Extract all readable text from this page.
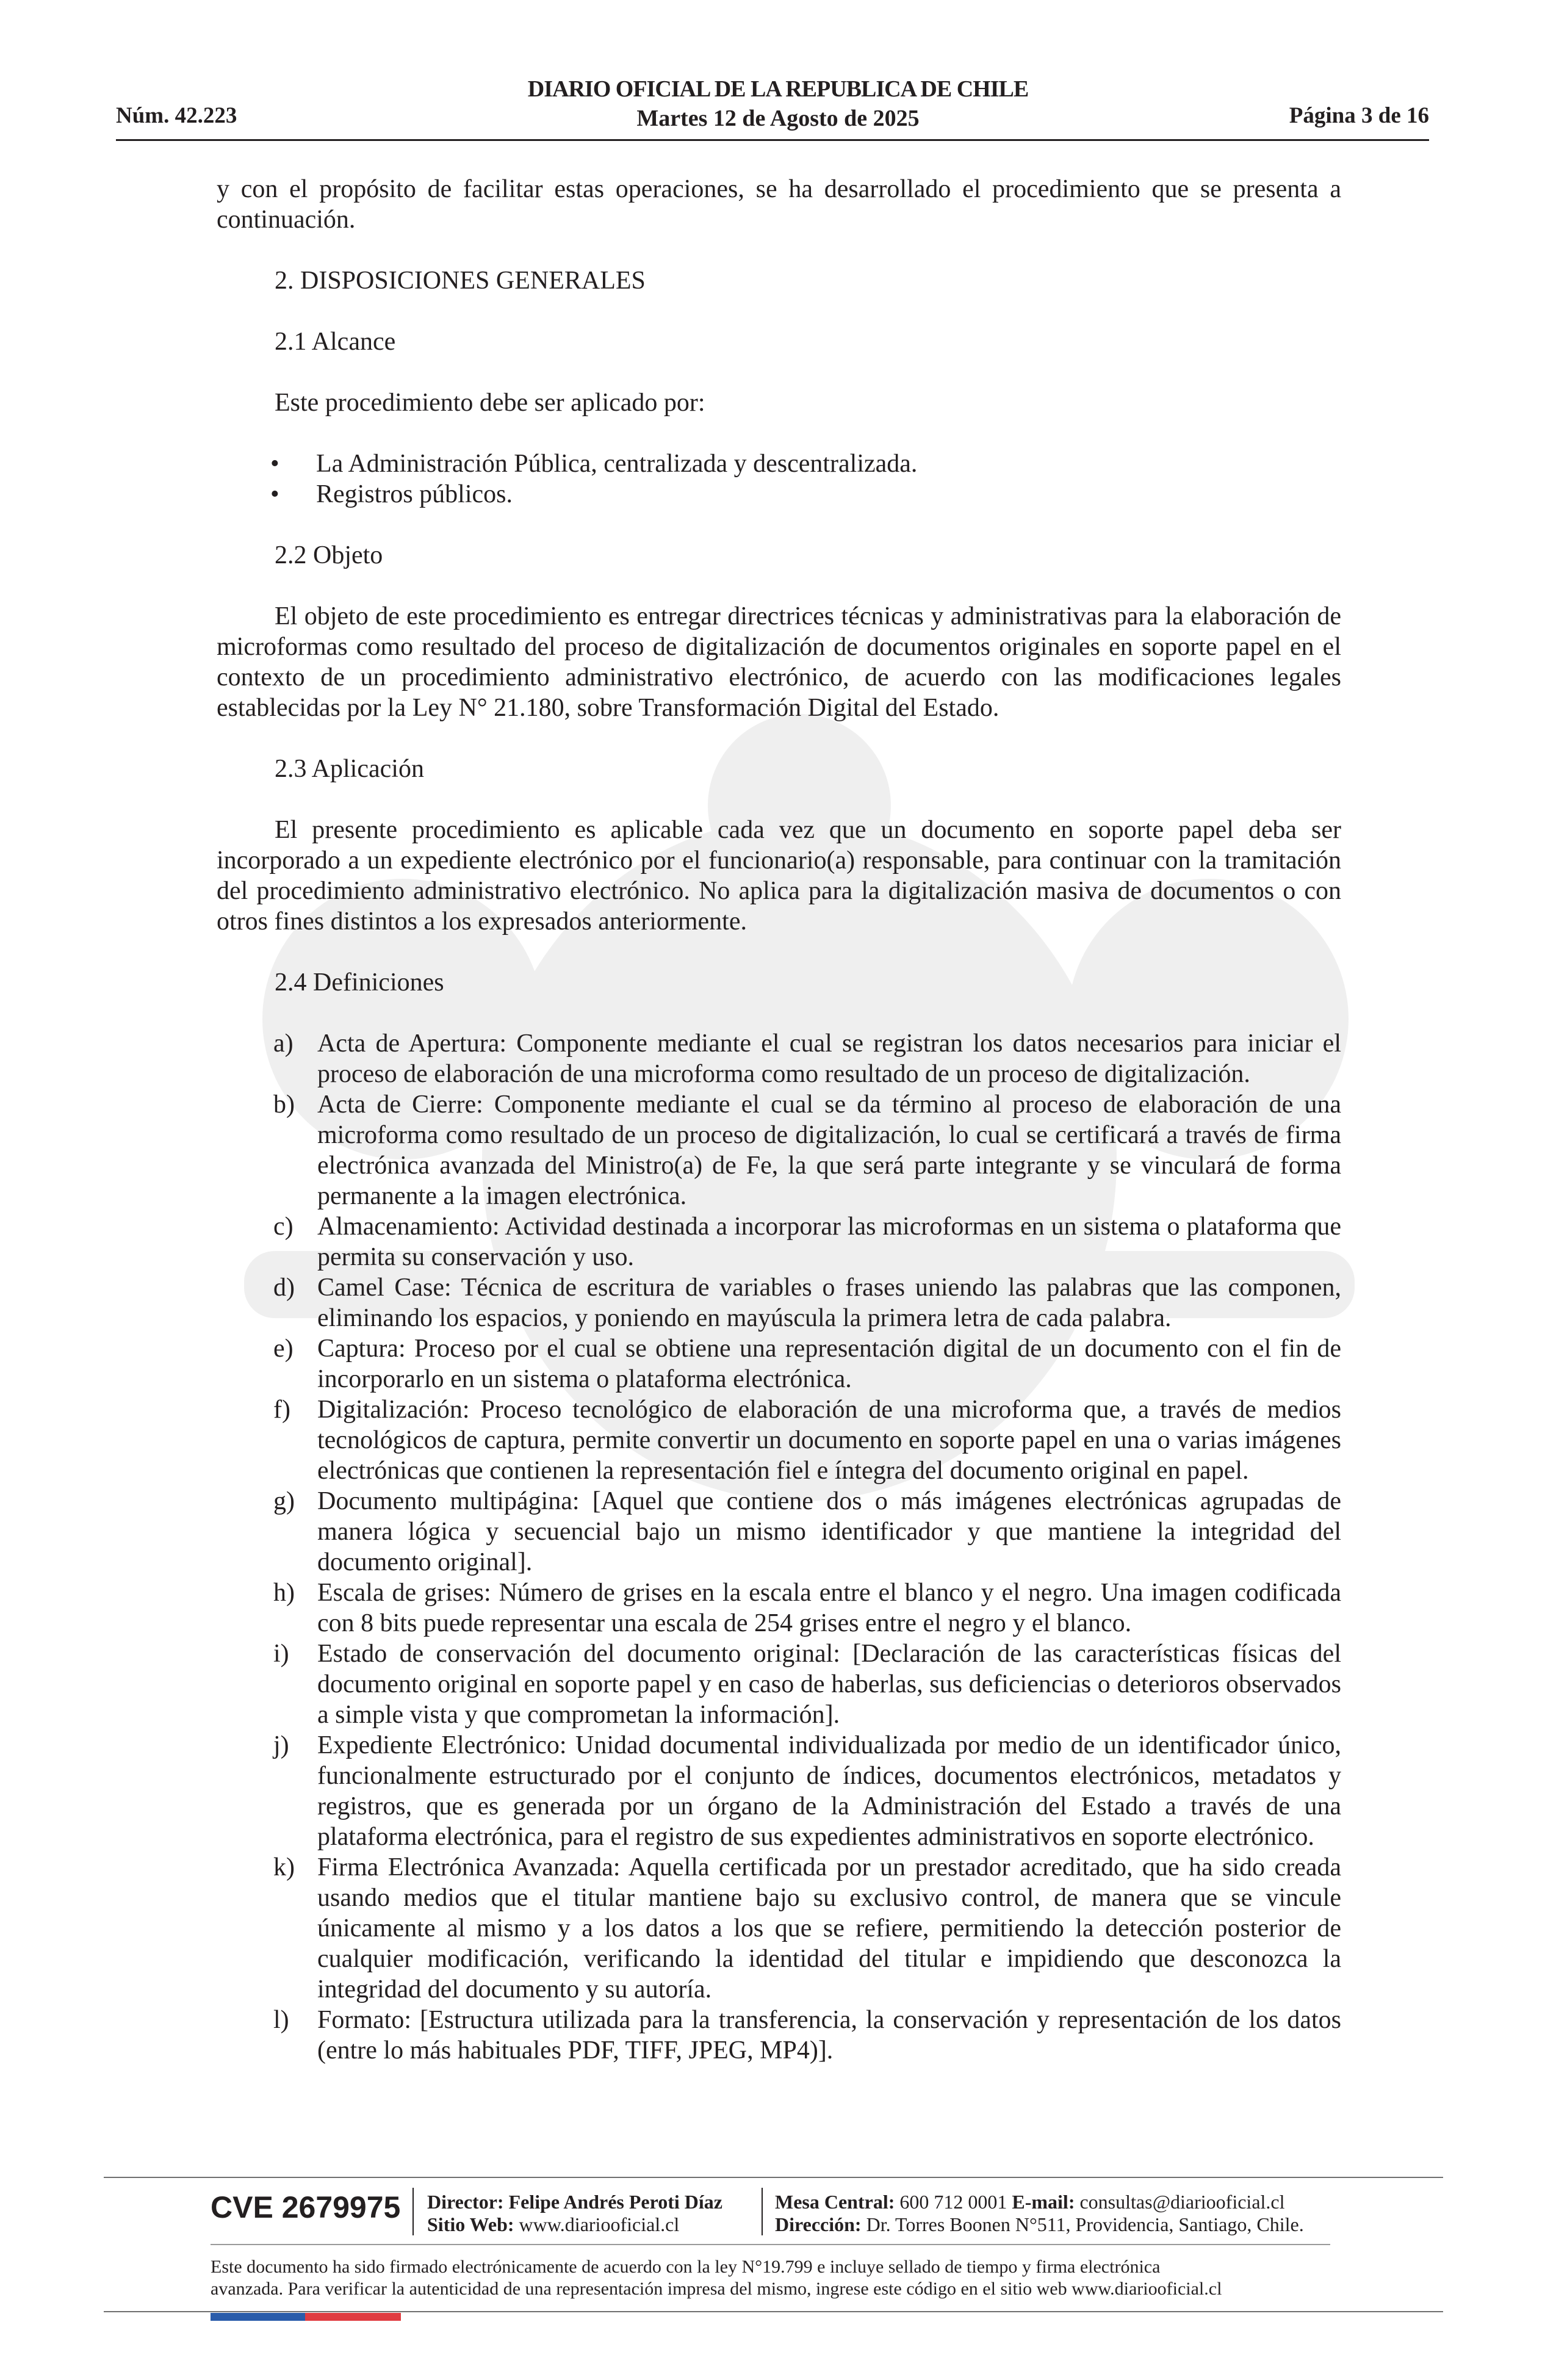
Núm. 42.223
DIARIO OFICIAL DE LA REPUBLICA DE CHILE
Martes 12 de Agosto de 2025	Página 3 de 16

y con el propósito de facilitar estas operaciones, se ha desarrollado el procedimiento que se presenta a continuación.

2. DISPOSICIONES GENERALES

2.1 Alcance

Este procedimiento debe ser aplicado por:

• La Administración Pública, centralizada y descentralizada.
• Registros públicos.

2.2 Objeto

El objeto de este procedimiento es entregar directrices técnicas y administrativas para la elaboración de microformas como resultado del proceso de digitalización de documentos originales en soporte papel en el contexto de un procedimiento administrativo electrónico, de acuerdo con las modificaciones legales establecidas por la Ley N° 21.180, sobre Transformación Digital del Estado.

2.3 Aplicación

El presente procedimiento es aplicable cada vez que un documento en soporte papel deba ser incorporado a un expediente electrónico por el funcionario(a) responsable, para continuar con la tramitación del procedimiento administrativo electrónico. No aplica para la digitalización masiva de documentos o con otros fines distintos a los expresados anteriormente.

2.4 Definiciones

a) Acta de Apertura: Componente mediante el cual se registran los datos necesarios para iniciar el proceso de elaboración de una microforma como resultado de un proceso de digitalización.
b) Acta de Cierre: Componente mediante el cual se da término al proceso de elaboración de una microforma como resultado de un proceso de digitalización, lo cual se certificará a través de firma electrónica avanzada del Ministro(a) de Fe, la que será parte integrante y se vinculará de forma permanente a la imagen electrónica.
c) Almacenamiento: Actividad destinada a incorporar las microformas en un sistema o plataforma que permita su conservación y uso.
d) Camel Case: Técnica de escritura de variables o frases uniendo las palabras que las componen, eliminando los espacios, y poniendo en mayúscula la primera letra de cada palabra.
e) Captura: Proceso por el cual se obtiene una representación digital de un documento con el fin de incorporarlo en un sistema o plataforma electrónica.
f) Digitalización: Proceso tecnológico de elaboración de una microforma que, a través de medios tecnológicos de captura, permite convertir un documento en soporte papel en una o varias imágenes electrónicas que contienen la representación fiel e íntegra del documento original en papel.
g) Documento multipágina: [Aquel que contiene dos o más imágenes electrónicas agrupadas de manera lógica y secuencial bajo un mismo identificador y que mantiene la integridad del documento original].
h) Escala de grises: Número de grises en la escala entre el blanco y el negro. Una imagen codificada con 8 bits puede representar una escala de 254 grises entre el negro y el blanco.
i) Estado de conservación del documento original: [Declaración de las características físicas del documento original en soporte papel y en caso de haberlas, sus deficiencias o deterioros observados a simple vista y que comprometan la información].
j) Expediente Electrónico: Unidad documental individualizada por medio de un identificador único, funcionalmente estructurado por el conjunto de índices, documentos electrónicos, metadatos y registros, que es generada por un órgano de la Administración del Estado a través de una plataforma electrónica, para el registro de sus expedientes administrativos en soporte electrónico.
k) Firma Electrónica Avanzada: Aquella certificada por un prestador acreditado, que ha sido creada usando medios que el titular mantiene bajo su exclusivo control, de manera que se vincule únicamente al mismo y a los datos a los que se refiere, permitiendo la detección posterior de cualquier modificación, verificando la identidad del titular e impidiendo que desconozca la integridad del documento y su autoría.
l) Formato: [Estructura utilizada para la transferencia, la conservación y representación de los datos (entre lo más habituales PDF, TIFF, JPEG, MP4)].
CVE 2679975 Director: Felipe Andrés Peroti Díaz
Sitio Web: www.diariooficial.cl
Mesa Central: 600 712 0001 E-mail: consultas@diariooficial.cl
Dirección: Dr. Torres Boonen N°511, Providencia, Santiago, Chile.
Este documento ha sido firmado electrónicamente de acuerdo con la ley N°19.799 e incluye sellado de tiempo y firma electrónica
avanzada. Para verificar la autenticidad de una representación impresa del mismo, ingrese este código en el sitio web www.diariooficial.cl
